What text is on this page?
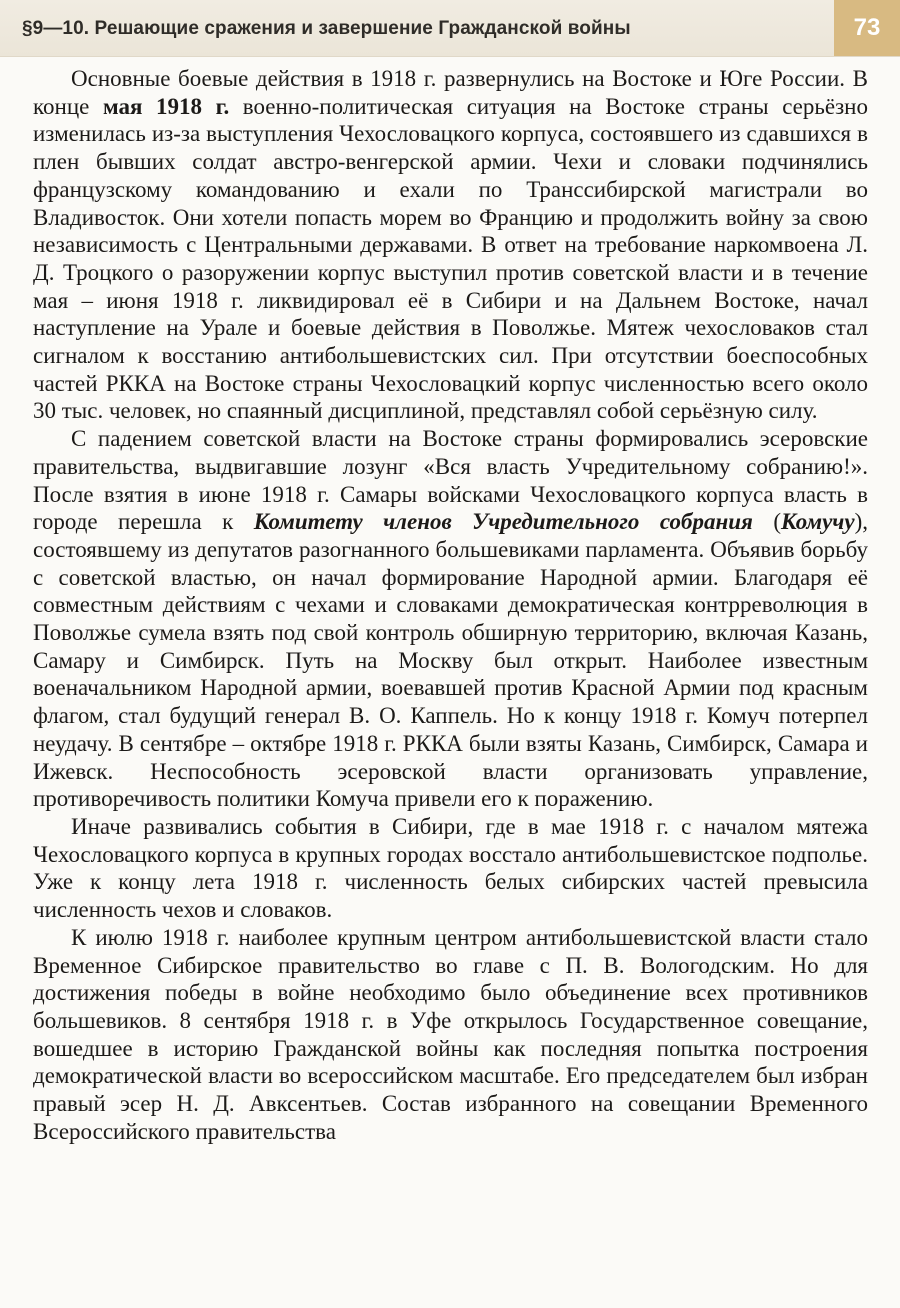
§9—10. Решающие сражения и завершение Гражданской войны	73

Основные боевые действия в 1918 г. развернулись на Востоке и Юге России. В конце мая 1918 г. военно-политическая ситуация на Востоке страны серьёзно изменилась из-за выступления Чехословацкого корпуса, состоявшего из сдавшихся в плен бывших солдат австро-венгерской армии. Чехи и словаки подчинялись французскому командованию и ехали по Транссибирской магистрали во Владивосток. Они хотели попасть морем во Францию и продолжить войну за свою независимость с Центральными державами. В ответ на требование наркомвоена Л. Д. Троцкого о разоружении корпус выступил против советской власти и в течение мая – июня 1918 г. ликвидировал её в Сибири и на Дальнем Востоке, начал наступление на Урале и боевые действия в Поволжье. Мятеж чехословаков стал сигналом к восстанию антибольшевистских сил. При отсутствии боеспособных частей РККА на Востоке страны Чехословацкий корпус численностью всего около 30 тыс. человек, но спаянный дисциплиной, представлял собой серьёзную силу.

С падением советской власти на Востоке страны формировались эсеровские правительства, выдвигавшие лозунг «Вся власть Учредительному собранию!». После взятия в июне 1918 г. Самары войсками Чехословацкого корпуса власть в городе перешла к Комитету членов Учредительного собрания (Комучу), состоявшему из депутатов разогнанного большевиками парламента. Объявив борьбу с советской властью, он начал формирование Народной армии. Благодаря её совместным действиям с чехами и словаками демократическая контрреволюция в Поволжье сумела взять под свой контроль обширную территорию, включая Казань, Самару и Симбирск. Путь на Москву был открыт. Наиболее известным военачальником Народной армии, воевавшей против Красной Армии под красным флагом, стал будущий генерал В. О. Каппель. Но к концу 1918 г. Комуч потерпел неудачу. В сентябре – октябре 1918 г. РККА были взяты Казань, Симбирск, Самара и Ижевск. Неспособность эсеровской власти организовать управление, противоречивость политики Комуча привели его к поражению.

Иначе развивались события в Сибири, где в мае 1918 г. с началом мятежа Чехословацкого корпуса в крупных городах восстало антибольшевистское подполье. Уже к концу лета 1918 г. численность белых сибирских частей превысила численность чехов и словаков.

К июлю 1918 г. наиболее крупным центром антибольшевистской власти стало Временное Сибирское правительство во главе с П. В. Вологодским. Но для достижения победы в войне необходимо было объединение всех противников большевиков. 8 сентября 1918 г. в Уфе открылось Государственное совещание, вошедшее в историю Гражданской войны как последняя попытка построения демократической власти во всероссийском масштабе. Его председателем был избран правый эсер Н. Д. Авксентьев. Состав избранного на совещании Временного Всероссийского правительства
